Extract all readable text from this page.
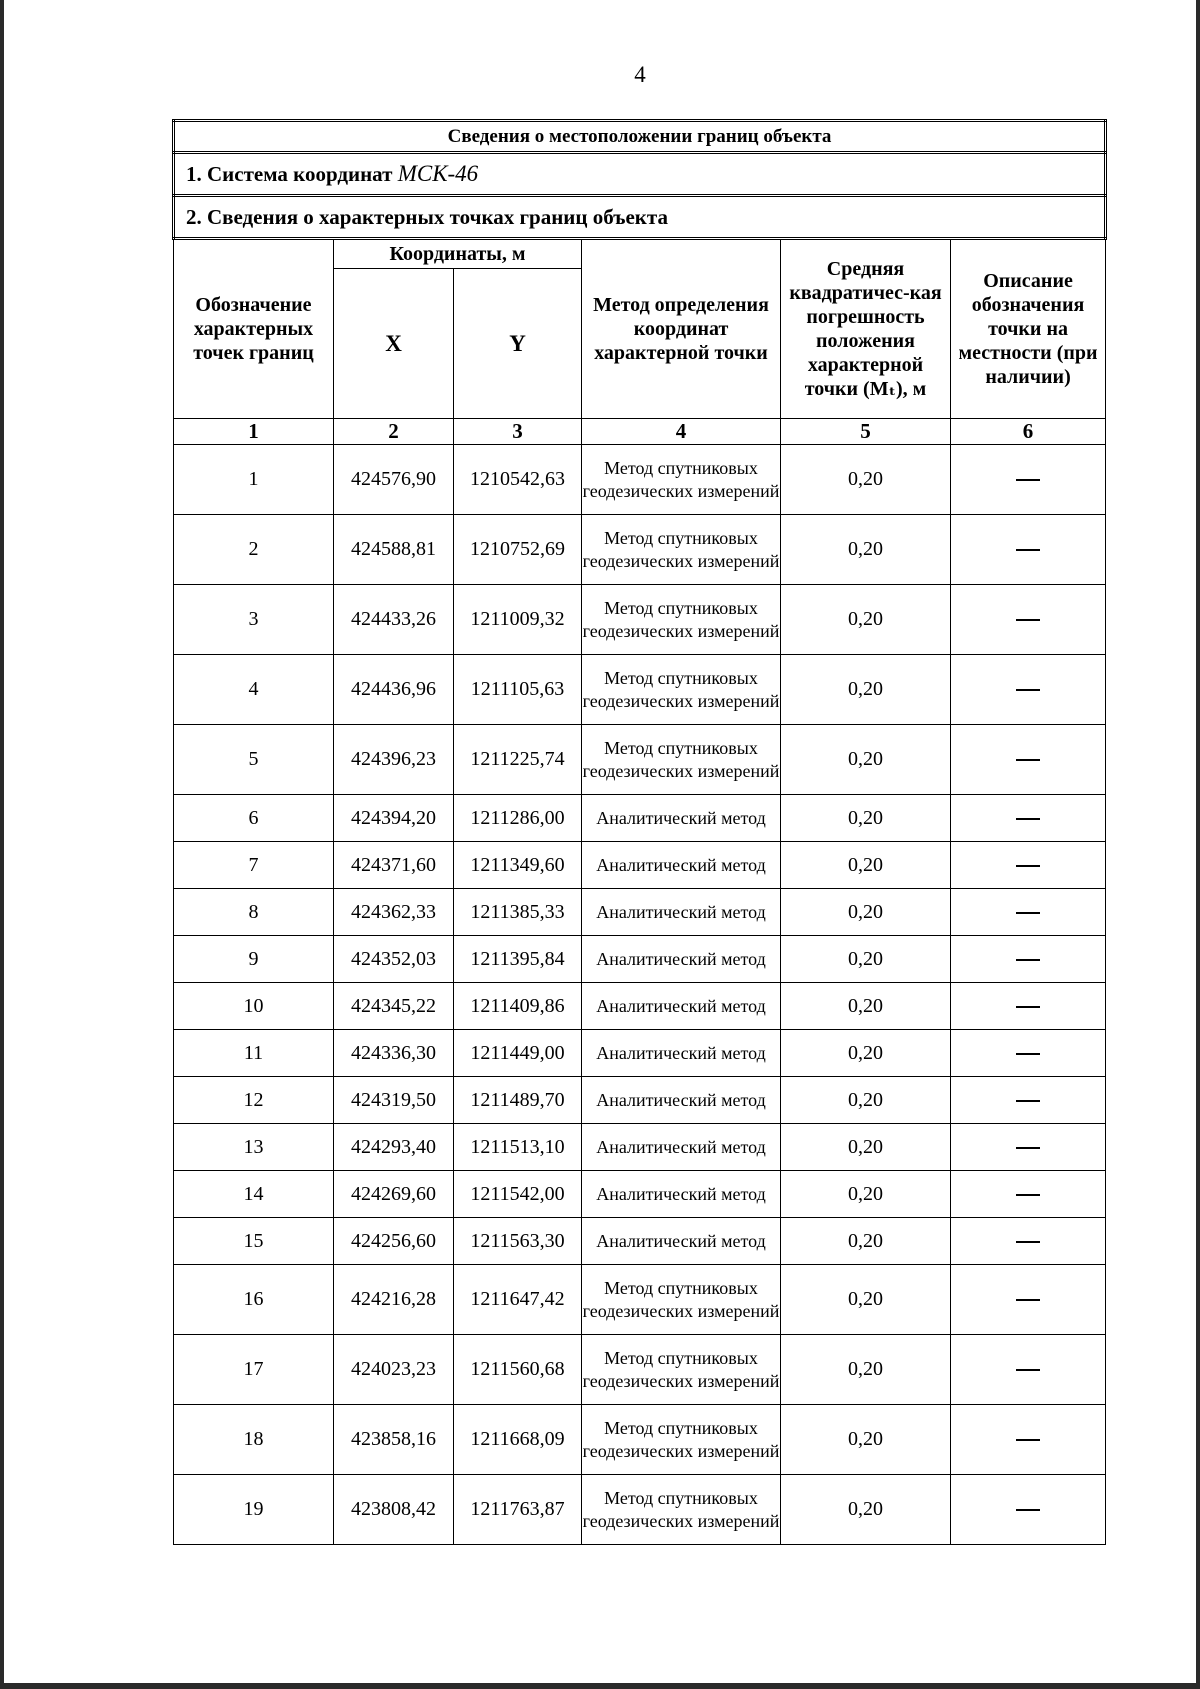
4
Сведения о местоположении границ объекта					
1. Система координат МСК-46					
2. Сведения о характерных точках границ объекта					
Обозначение характерных точек границ	Координаты, м		Метод определения координат характерной точки	Средняя квадратичес-кая погрешность положения характерной точки (Mₜ), м	Описание обозначения точки на местности (при наличии)
	X	Y			
1	2	3	4	5	6
1	424576,90	1210542,63	Метод спутниковых геодезических измерений	0,20	
2	424588,81	1210752,69	Метод спутниковых геодезических измерений	0,20	
3	424433,26	1211009,32	Метод спутниковых геодезических измерений	0,20	
4	424436,96	1211105,63	Метод спутниковых геодезических измерений	0,20	
5	424396,23	1211225,74	Метод спутниковых геодезических измерений	0,20	
6	424394,20	1211286,00	Аналитический метод	0,20	
7	424371,60	1211349,60	Аналитический метод	0,20	
8	424362,33	1211385,33	Аналитический метод	0,20	
9	424352,03	1211395,84	Аналитический метод	0,20	
10	424345,22	1211409,86	Аналитический метод	0,20	
11	424336,30	1211449,00	Аналитический метод	0,20	
12	424319,50	1211489,70	Аналитический метод	0,20	
13	424293,40	1211513,10	Аналитический метод	0,20	
14	424269,60	1211542,00	Аналитический метод	0,20	
15	424256,60	1211563,30	Аналитический метод	0,20	
16	424216,28	1211647,42	Метод спутниковых геодезических измерений	0,20	
17	424023,23	1211560,68	Метод спутниковых геодезических измерений	0,20	
18	423858,16	1211668,09	Метод спутниковых геодезических измерений	0,20	
19	423808,42	1211763,87	Метод спутниковых геодезических измерений	0,20	
